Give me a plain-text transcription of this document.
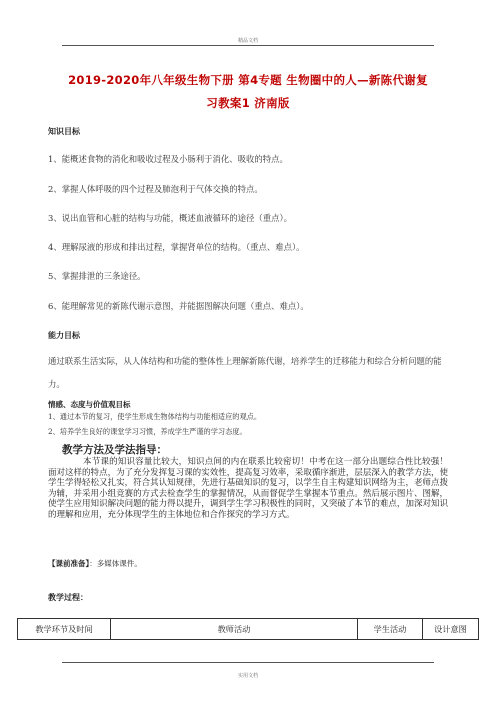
精品文档
2019-2020年八年级生物下册 第4专题 生物圈中的人—新陈代谢复
习教案1 济南版
知识目标
1、能概述食物的消化和吸收过程及小肠利于消化、吸收的特点。
2、掌握人体呼吸的四个过程及肺泡利于气体交换的特点。
3、说出血管和心脏的结构与功能，概述血液循环的途径（重点）。
4、理解尿液的形成和排出过程，掌握肾单位的结构。（重点、难点）。
5、掌握排泄的三条途径。
6、能理解常见的新陈代谢示意图，并能据图解决问题（重点、难点）。
能力目标
通过联系生活实际，从人体结构和功能的整体性上理解新陈代谢，培养学生的迁移能力和综合分析问题的能力。
情感、态度与价值观目标
1、通过本节的复习，使学生形成生物体结构与功能相适应的观点。
2、培养学生良好的课堂学习习惯，养成学生严谨的学习态度。
教学方法及学法指导：
本节课的知识容量比较大，知识点间的内在联系比较密切！中考在这一部分出题综合性比较强！面对这样的特点，为了充分发挥复习课的实效性，提高复习效率，采取循序渐进，层层深入的教学方法，使学生学得轻松又扎实，符合其认知规律，先进行基础知识的复习，以学生自主构建知识网络为主，老师点拨为辅，并采用小组竞赛的方式去检查学生的掌握情况，从而督促学生掌握本节重点。然后展示图片、图解，使学生应用知识解决问题的能力得以提升，调到学生学习积极性的同时，又突破了本节的难点，加深对知识的理解和应用，充分体现学生的主体地位和合作探究的学习方式。
【课前准备】：多媒体课件。
教学过程：
教学环节及时间	教师活动	学生活动	设计意图
实用文档
